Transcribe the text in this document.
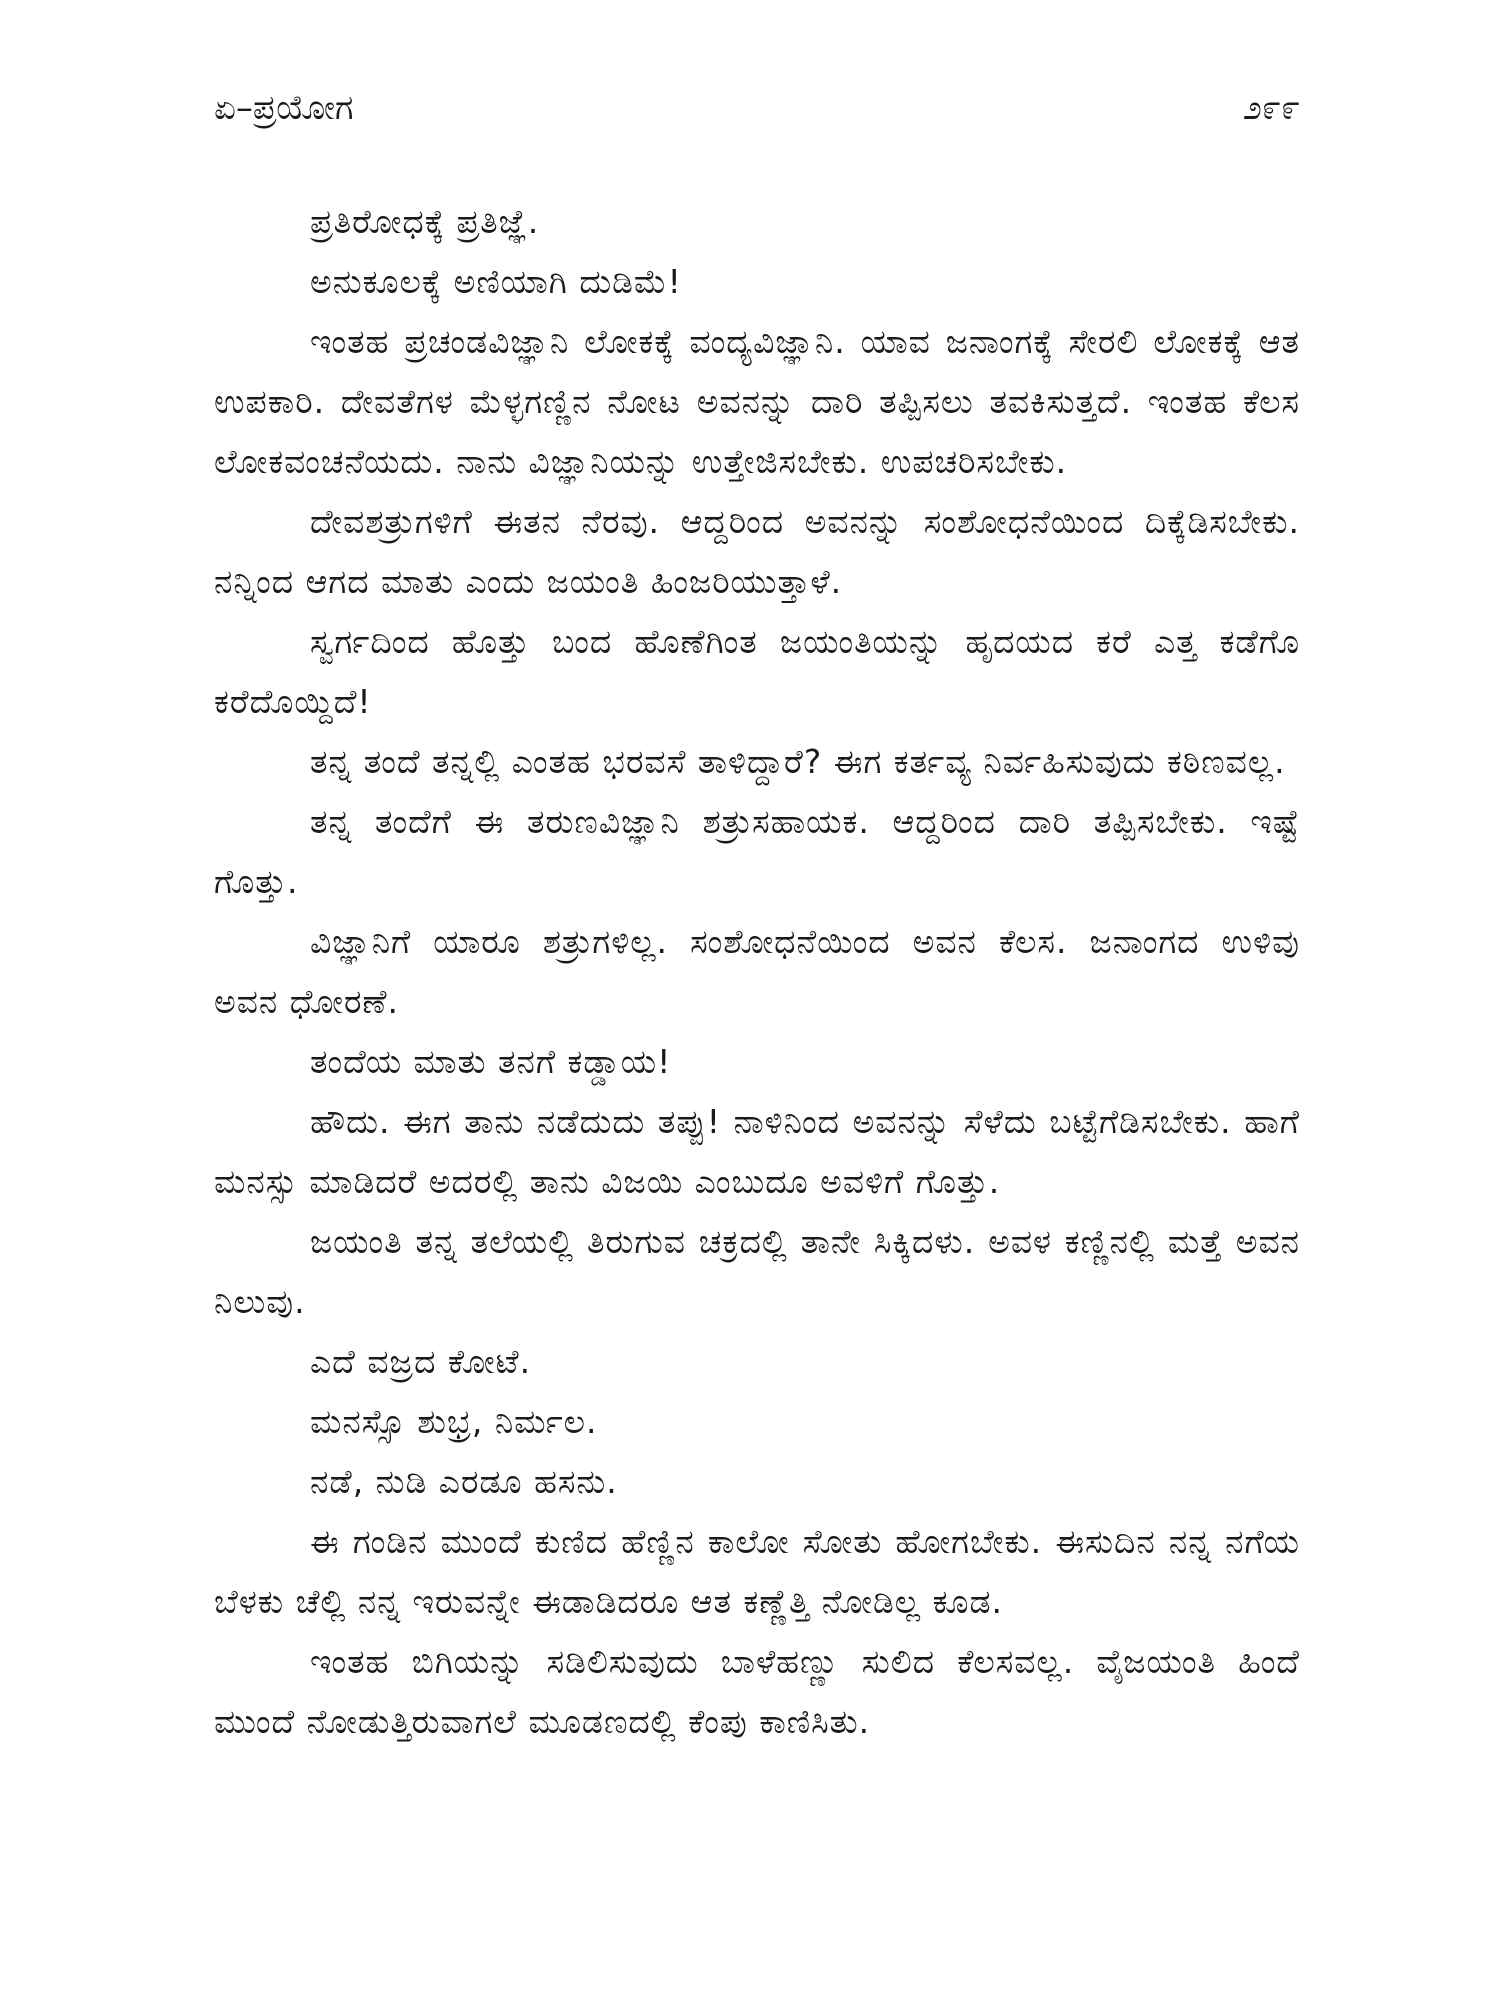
ಏ–ಪ್ರಯೋಗ	೨೯೯

ಪ್ರತಿರೋಧಕ್ಕೆ ಪ್ರತಿಜ್ಞೆ.

ಅನುಕೂಲಕ್ಕೆ ಅಣಿಯಾಗಿ ದುಡಿಮೆ!

ಇಂತಹ ಪ್ರಚಂಡವಿಜ್ಞಾನಿ ಲೋಕಕ್ಕೆ ವಂದ್ಯವಿಜ್ಞಾನಿ. ಯಾವ ಜನಾಂಗಕ್ಕೆ ಸೇರಲಿ ಲೋಕಕ್ಕೆ ಆತ ಉಪಕಾರಿ. ದೇವತೆಗಳ ಮೆಳ್ಳಗಣ್ಣಿನ ನೋಟ ಅವನನ್ನು ದಾರಿ ತಪ್ಪಿಸಲು ತವಕಿಸುತ್ತದೆ. ಇಂತಹ ಕೆಲಸ ಲೋಕವಂಚನೆಯದು. ನಾನು ವಿಜ್ಞಾನಿಯನ್ನು ಉತ್ತೇಜಿಸಬೇಕು. ಉಪಚರಿಸಬೇಕು.

ದೇವಶತ್ರುಗಳಿಗೆ ಈತನ ನೆರವು. ಆದ್ದರಿಂದ ಅವನನ್ನು ಸಂಶೋಧನೆಯಿಂದ ದಿಕ್ಕೆಡಿಸಬೇಕು. ನನ್ನಿಂದ ಆಗದ ಮಾತು ಎಂದು ಜಯಂತಿ ಹಿಂಜರಿಯುತ್ತಾಳೆ.

ಸ್ವರ್ಗದಿಂದ ಹೊತ್ತು ಬಂದ ಹೊಣೆಗಿಂತ ಜಯಂತಿಯನ್ನು ಹೃದಯದ ಕರೆ ಎತ್ತ ಕಡೆಗೊ ಕರೆದೊಯ್ದಿದೆ!

ತನ್ನ ತಂದೆ ತನ್ನಲ್ಲಿ ಎಂತಹ ಭರವಸೆ ತಾಳಿದ್ದಾರೆ? ಈಗ ಕರ್ತವ್ಯ ನಿರ್ವಹಿಸುವುದು ಕಠಿಣವಲ್ಲ.

ತನ್ನ ತಂದೆಗೆ ಈ ತರುಣವಿಜ್ಞಾನಿ ಶತ್ರುಸಹಾಯಕ. ಆದ್ದರಿಂದ ದಾರಿ ತಪ್ಪಿಸಬೇಕು. ಇಷ್ಟೆ ಗೊತ್ತು.

ವಿಜ್ಞಾನಿಗೆ ಯಾರೂ ಶತ್ರುಗಳಿಲ್ಲ. ಸಂಶೋಧನೆಯಿಂದ ಅವನ ಕೆಲಸ. ಜನಾಂಗದ ಉಳಿವು ಅವನ ಧೋರಣೆ.

ತಂದೆಯ ಮಾತು ತನಗೆ ಕಡ್ಡಾಯ!

ಹೌದು. ಈಗ ತಾನು ನಡೆದುದು ತಪ್ಪು! ನಾಳಿನಿಂದ ಅವನನ್ನು ಸೆಳೆದು ಬಟ್ಟೆಗೆಡಿಸಬೇಕು. ಹಾಗೆ ಮನಸ್ಸು ಮಾಡಿದರೆ ಅದರಲ್ಲಿ ತಾನು ವಿಜಯಿ ಎಂಬುದೂ ಅವಳಿಗೆ ಗೊತ್ತು.

ಜಯಂತಿ ತನ್ನ ತಲೆಯಲ್ಲಿ ತಿರುಗುವ ಚಕ್ರದಲ್ಲಿ ತಾನೇ ಸಿಕ್ಕಿದಳು. ಅವಳ ಕಣ್ಣಿನಲ್ಲಿ ಮತ್ತೆ ಅವನ ನಿಲುವು.

ಎದೆ ವಜ್ರದ ಕೋಟೆ.

ಮನಸ್ಸೊ ಶುಭ್ರ, ನಿರ್ಮಲ.

ನಡೆ, ನುಡಿ ಎರಡೂ ಹಸನು.

ಈ ಗಂಡಿನ ಮುಂದೆ ಕುಣಿದ ಹೆಣ್ಣಿನ ಕಾಲೋ ಸೋತು ಹೋಗಬೇಕು. ಈಸುದಿನ ನನ್ನ ನಗೆಯ ಬೆಳಕು ಚೆಲ್ಲಿ ನನ್ನ ಇರುವನ್ನೇ ಈಡಾಡಿದರೂ ಆತ ಕಣ್ಣೆತ್ತಿ ನೋಡಿಲ್ಲ ಕೂಡ.

ಇಂತಹ ಬಿಗಿಯನ್ನು ಸಡಿಲಿಸುವುದು ಬಾಳೆಹಣ್ಣು ಸುಲಿದ ಕೆಲಸವಲ್ಲ. ವೈಜಯಂತಿ ಹಿಂದೆ ಮುಂದೆ ನೋಡುತ್ತಿರುವಾಗಲೆ ಮೂಡಣದಲ್ಲಿ ಕೆಂಪು ಕಾಣಿಸಿತು.
